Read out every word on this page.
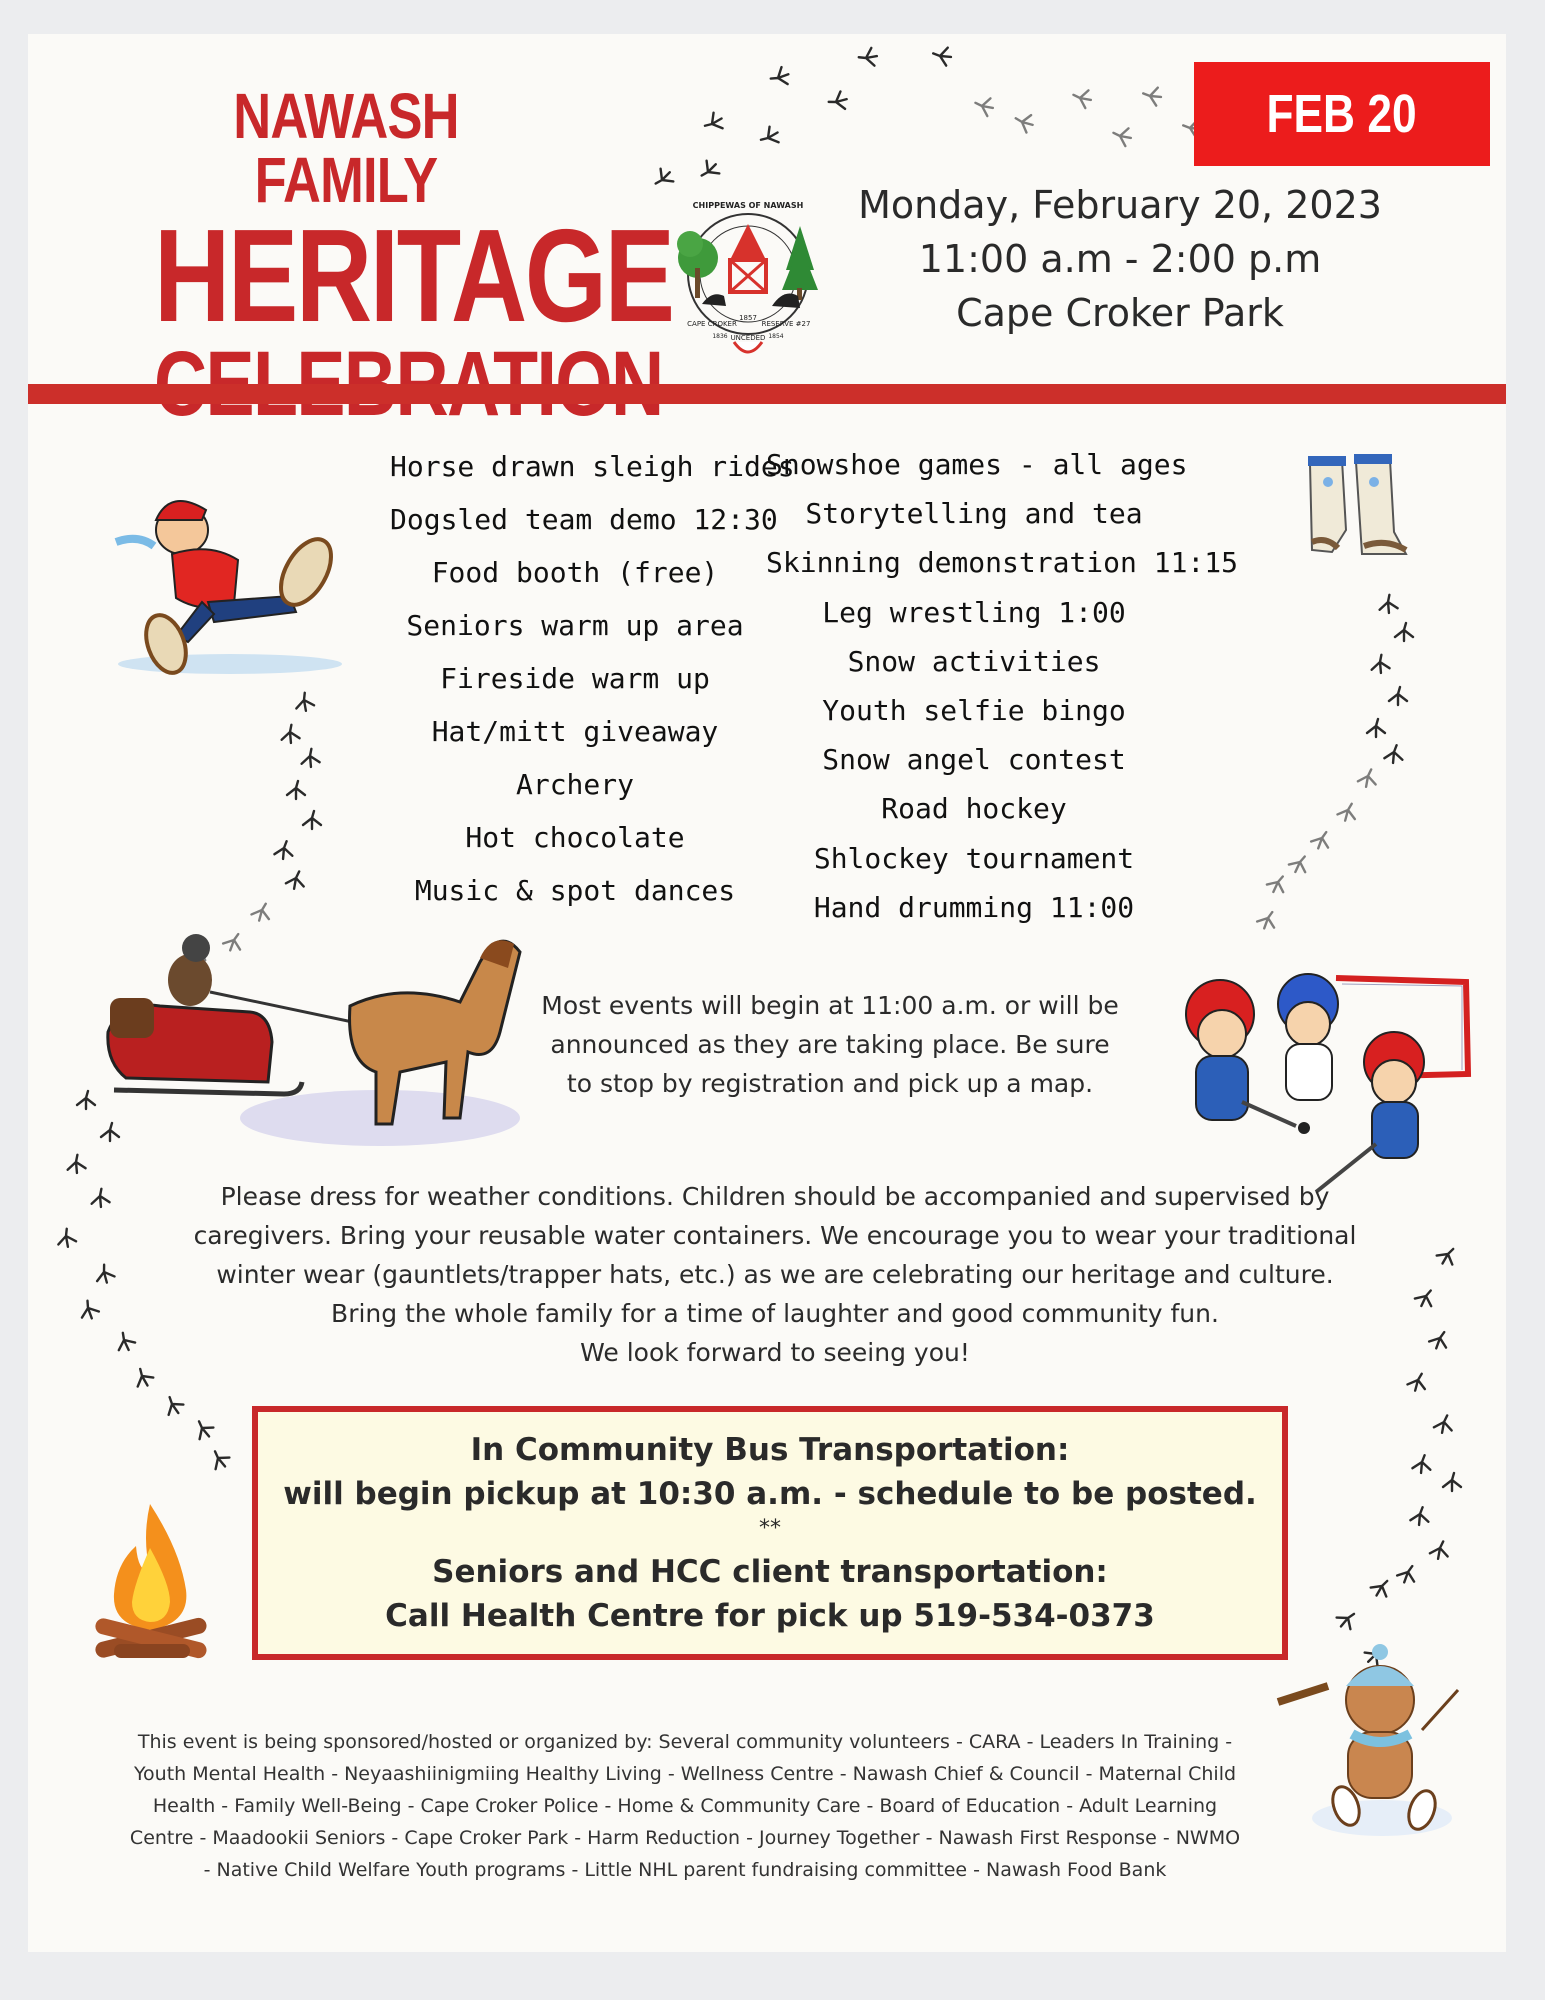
NAWASH FAMILY
HERITAGE
FEB 20
CHIPPEWAS OF NAWASH
CAPE CROKER	RESERVE #27
1857
UNCEDED
1836	1854
Monday, February 20, 2023
11:00 a.m - 2:00 p.m
Cape Croker Park
Horse drawn sleigh rides
Dogsled team demo 12:30
Food booth (free)
Seniors warm up area
Fireside warm up
Hat/mitt giveaway
Archery
Hot chocolate
Music & spot dances
Snowshoe games - all ages
Storytelling and tea
Skinning demonstration 11:15
Leg wrestling 1:00
Snow activities
Youth selfie bingo
Snow angel contest
Road hockey
Shlockey tournament
Hand drumming 11:00
Most events will begin at 11:00 a.m. or will be
announced as they are taking place. Be sure
to stop by registration and pick up a map.
Please dress for weather conditions. Children should be accompanied and supervised by
caregivers. Bring your reusable water containers. We encourage you to wear your traditional
winter wear (gauntlets/trapper hats, etc.) as we are celebrating our heritage and culture.
Bring the whole family for a time of laughter and good community fun.
We look forward to seeing you!
In Community Bus Transportation:
will begin pickup at 10:30 a.m. - schedule to be posted.
**
Seniors and HCC client transportation:
Call Health Centre for pick up 519-534-0373
This event is being sponsored/hosted or organized by: Several community volunteers - CARA - Leaders In Training -
Youth Mental Health - Neyaashiinigmiing Healthy Living - Wellness Centre - Nawash Chief & Council - Maternal Child
Health - Family Well-Being - Cape Croker Police - Home & Community Care - Board of Education - Adult Learning
Centre - Maadookii Seniors - Cape Croker Park - Harm Reduction - Journey Together - Nawash First Response - NWMO
- Native Child Welfare Youth programs - Little NHL parent fundraising committee - Nawash Food Bank
